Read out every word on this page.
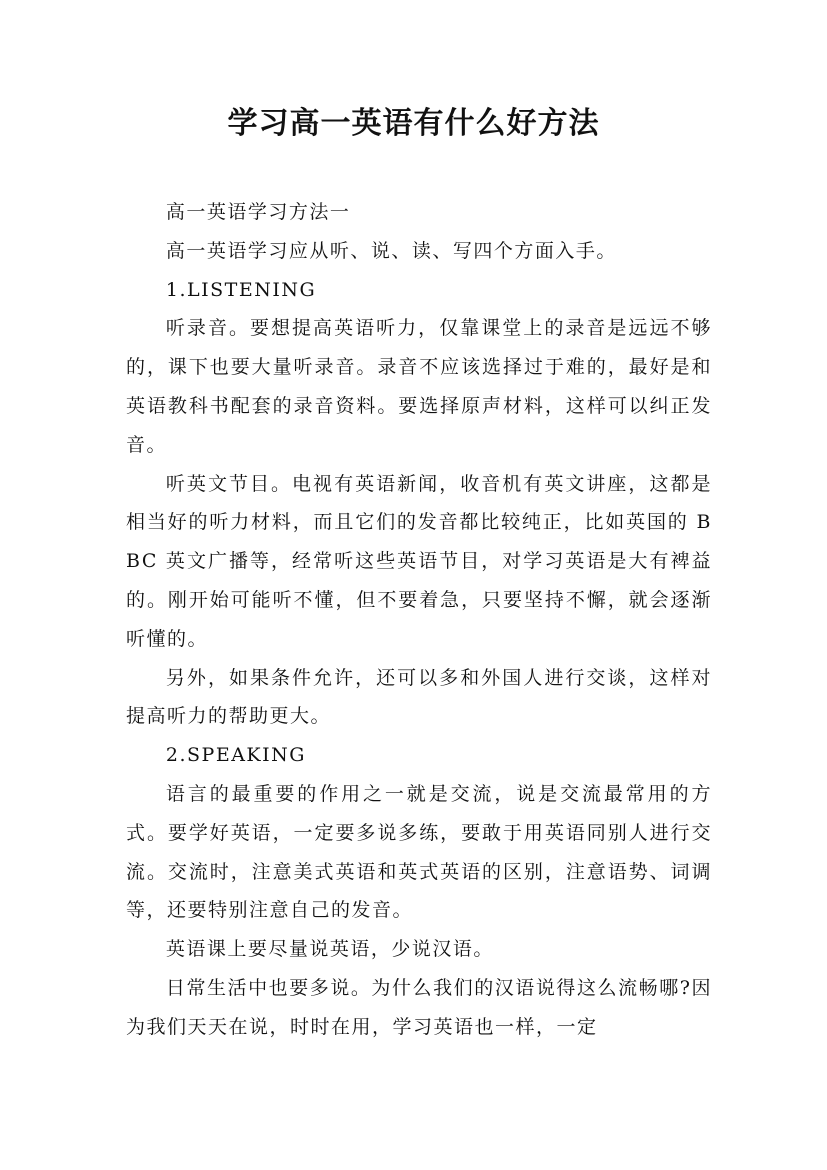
学习高一英语有什么好方法

高一英语学习方法一

高一英语学习应从听、说、读、写四个方面入手。

1.LISTENING

听录音。要想提高英语听力，仅靠课堂上的录音是远远不够的，课下也要大量听录音。录音不应该选择过于难的，最好是和英语教科书配套的录音资料。要选择原声材料，这样可以纠正发音。

听英文节目。电视有英语新闻，收音机有英文讲座，这都是相当好的听力材料，而且它们的发音都比较纯正，比如英国的 BBC 英文广播等，经常听这些英语节目，对学习英语是大有裨益的。刚开始可能听不懂，但不要着急，只要坚持不懈，就会逐渐听懂的。

另外，如果条件允许，还可以多和外国人进行交谈，这样对提高听力的帮助更大。

2.SPEAKING

语言的最重要的作用之一就是交流，说是交流最常用的方式。要学好英语，一定要多说多练，要敢于用英语同别人进行交流。交流时，注意美式英语和英式英语的区别，注意语势、词调等，还要特别注意自己的发音。

英语课上要尽量说英语，少说汉语。

日常生活中也要多说。为什么我们的汉语说得这么流畅哪?因为我们天天在说，时时在用，学习英语也一样，一定
